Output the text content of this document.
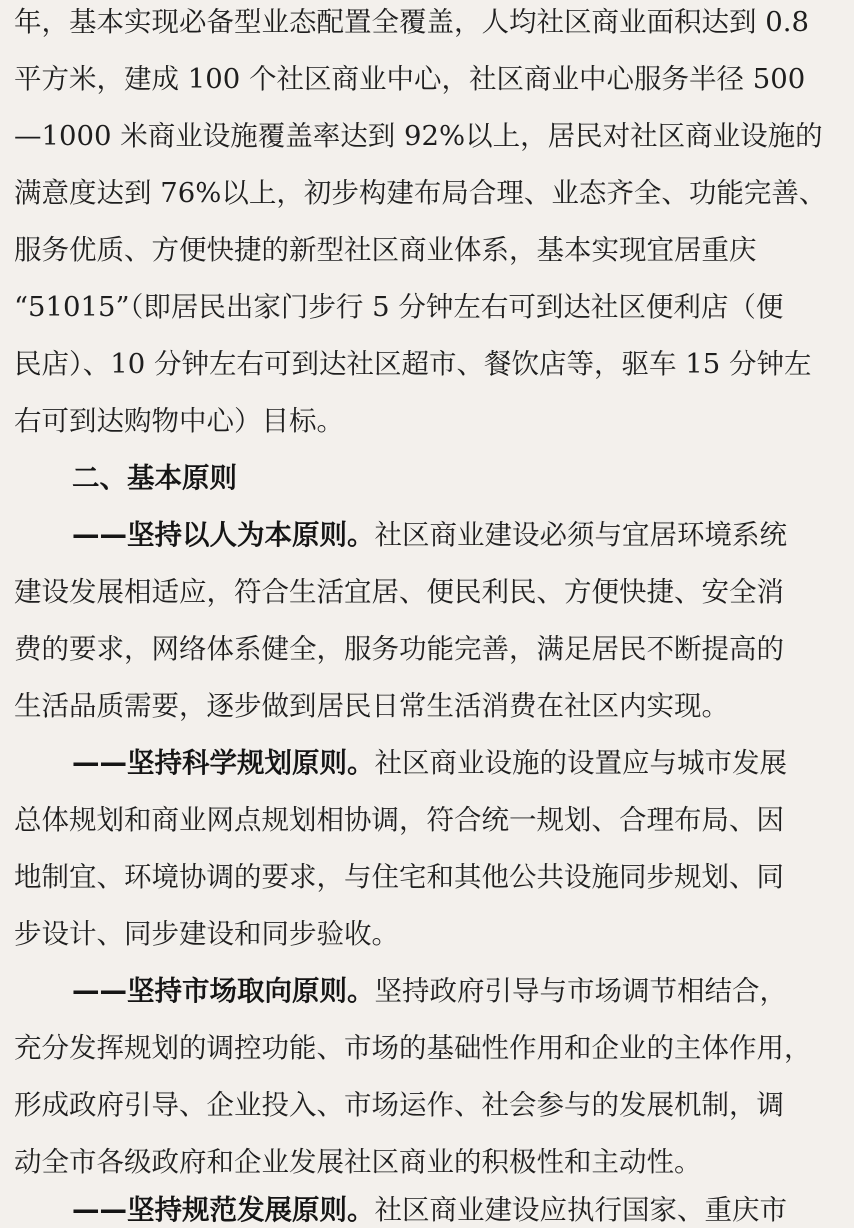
年，基本实现必备型业态配置全覆盖，人均社区商业面积达到 0.8
平方米，建成 100 个社区商业中心，社区商业中心服务半径 500
—1000 米商业设施覆盖率达到 92%以上，居民对社区商业设施的
满意度达到 76%以上，初步构建布局合理、业态齐全、功能完善、
服务优质、方便快捷的新型社区商业体系，基本实现宜居重庆
“51015”（即居民出家门步行 5 分钟左右可到达社区便利店（便
民店）、10 分钟左右可到达社区超市、餐饮店等，驱车 15 分钟左
右可到达购物中心）目标。
二、基本原则
——坚持以人为本原则。社区商业建设必须与宜居环境系统
建设发展相适应，符合生活宜居、便民利民、方便快捷、安全消
费的要求，网络体系健全，服务功能完善，满足居民不断提高的
生活品质需要，逐步做到居民日常生活消费在社区内实现。
——坚持科学规划原则。社区商业设施的设置应与城市发展
总体规划和商业网点规划相协调，符合统一规划、合理布局、因
地制宜、环境协调的要求，与住宅和其他公共设施同步规划、同
步设计、同步建设和同步验收。
——坚持市场取向原则。坚持政府引导与市场调节相结合，
充分发挥规划的调控功能、市场的基础性作用和企业的主体作用，
形成政府引导、企业投入、市场运作、社会参与的发展机制，调
动全市各级政府和企业发展社区商业的积极性和主动性。
——坚持规范发展原则。社区商业建设应执行国家、重庆市
